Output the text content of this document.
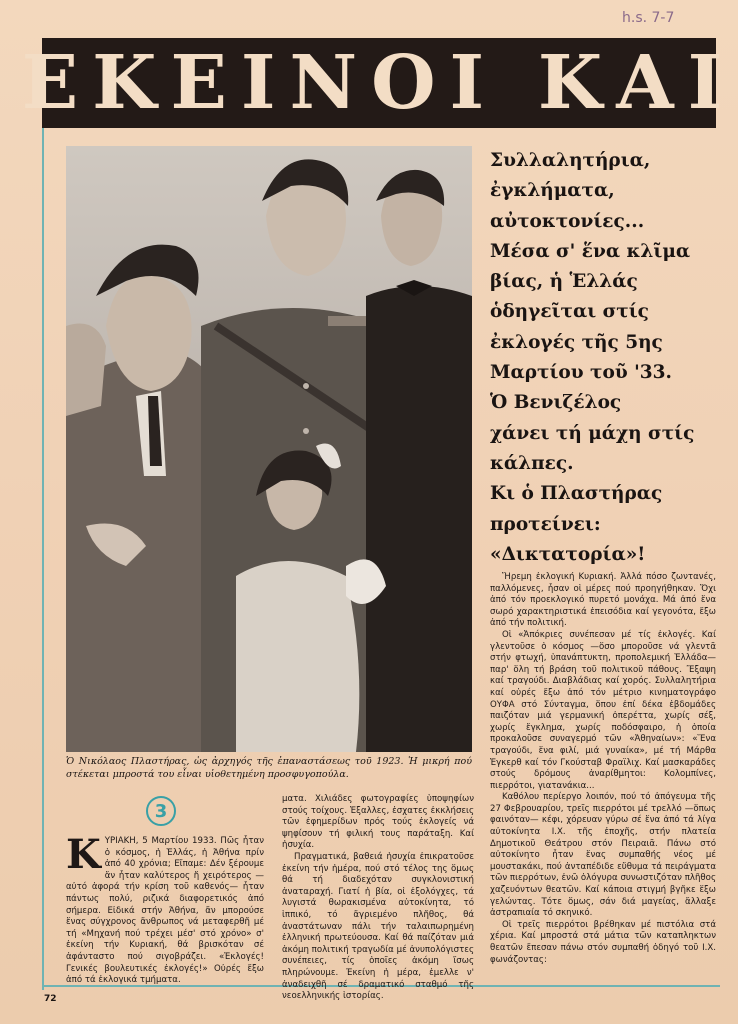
h.s. 7-7
ΕΚΕΙΝΟΙ ΚΑΙ
Ὁ Νικόλαος Πλαστήρας, ὡς ἀρχηγός τῆς ἐπαναστάσεως τοῦ 1923. Ἡ μικρή πού στέκεται μπροστά του εἶναι υἱοθετημένη προσφυγοπούλα.
Συλλαλητήρια,
ἐγκλήματα,
αὐτοκτονίες...
Μέσα σ' ἕνα κλῖμα
βίας, ἡ Ἑλλάς
ὁδηγεῖται στίς
ἐκλογές τῆς 5ης
Μαρτίου τοῦ '33.
Ὁ Βενιζέλος
χάνει τή μάχη στίς
κάλπες.
Κι ὁ Πλαστήρας
προτείνει:
«Δικτατορία»!

Ἤρεμη ἐκλογική Κυριακή. Ἀλλά πόσο ζωντανές, παλλόμενες, ἦσαν οἱ μέρες πού προηγήθηκαν. Ὄχι ἀπό τόν προεκλογικό πυρετό μονάχα. Μά ἀπό ἕνα σωρό χαρακτηριστικά ἐπεισόδια καί γεγονότα, ἔξω ἀπό τήν πολιτική.

Οἱ «Ἀπόκριες συνέπεσαν μέ τίς ἐκλογές. Καί γλεντοῦσε ὁ κόσμος —ὅσο μποροῦσε νά γλεντᾶ στήν φτωχή, ὑπανάπτυκτη, προπολεμική Ἑλλάδα— παρ' ὅλη τή βράση τοῦ πολιτικοῦ πάθους. Ἔξαψη καί τραγούδι. Διαβλάδιας καί χορός. Συλλαλητήρια καί οὐρές ἔξω ἀπό τόν μέτριο κινηματογράφο ΟΥΦΑ στό Σύνταγμα, ὅπου ἐπί δέκα ἑβδομάδες παιζόταν μιά γερμανική ὀπερέττα, χωρίς σέξ, χωρίς ἔγκλημα, χωρίς ποδόσφαιρο, ἡ ὁποία προκαλοῦσε συναγερμό τῶν «Ἀθηναίων»: «Ἕνα τραγούδι, ἕνα φιλί, μιά γυναίκα», μέ τή Μάρθα Ἐγκερθ καί τόν Γκούσταβ Φραϊλιχ. Καί μασκαράδες στούς δρόμους ἀναρίθμητοι: Κολομπίνες, πιερρότοι, γιατανάκια...

Καθόλου περίεργο λοιπόν, πού τό ἀπόγευμα τῆς 27 Φεβρουαρίου, τρεῖς πιερρότοι μέ τρελλό —ὅπως φαινόταν— κέφι, χόρευαν γύρω σέ ἕνα ἀπό τά λίγα αὐτοκίνητα Ι.Χ. τῆς ἐποχῆς, στήν πλατεία Δημοτικοῦ Θεάτρου στόν Πειραιᾶ. Πάνω στό αὐτοκίνητο ἦταν ἕνας συμπαθής νέος μέ μουστακάκι, πού ἀνταπέδιδε εὔθυμα τά πειράγματα τῶν πιερρότων, ἐνῶ ὀλόγυρα συνωστιζόταν πλῆθος χαζευόντων θεατῶν. Καί κάποια στιγμή βγῆκε ἕξω γελώντας. Τότε ὅμως, σάν διά μαγείας, ἄλλαξε ἀστραπιαία τό σκηνικό.

Οἱ τρεῖς πιερρότοι βρέθηκαν μέ πιστόλια στά χέρια. Καί μπροστά στά μάτια τῶν καταπληκτων θεατῶν ἔπεσαν πάνω στόν συμπαθή ὁδηγό τοῦ Ι.Χ. φωνάζοντας:

3
Κ ΥΡΙΑΚΗ, 5 Μαρτίου 1933. Πῶς ἦταν ὁ κόσμος, ἡ Ἑλλάς, ἡ Ἀθήνα πρίν ἀπό 40 χρόνια; Εἴπαμε: Δέν ξέρουμε ἄν ἦταν καλύτερος ἤ χειρότερος —αὐτό ἀφορά τήν κρίση τοῦ καθενός— ἦταν πάντως πολύ, ριζικά διαφορετικός ἀπό σήμερα. Εἰδικά στήν Ἀθήνα, ἄν μπορούσε ἕνας σύγχρονος ἄνθρωπος νά μεταφερθῆ μέ τή «Μηχανή πού τρέχει μέσ' στό χρόνο» σ' ἐκείνη τήν Κυριακή, θά βρισκόταν σέ ἀφάνταστο πού σιγοβράζει. «Ἐκλογές! Γενικές βουλευτικές ἐκλογές!» Οὐρές ἔξω ἀπό τά ἐκλογικά τμήματα.

ματα. Χιλιάδες φωτογραφίες ὑποψηφίων στούς τοίχους. Ἐξαλλες, ἐσχατες ἐκκλήσεις τῶν ἐφημερίδων πρός τούς ἐκλογείς νά ψηφίσουν τή φιλική τους παράταξη. Καί ἡσυχία.

Πραγματικά, βαθειά ἡσυχία ἐπικρατοῦσε ἐκείνη τήν ἡμέρα, πού στό τέλος της ὅμως θά τή διαδεχόταν συγκλονιστική ἀναταραχή. Γιατί ἡ βία, οἱ ἐξολόγχες, τά λυγιστά θωρακισμένα αὐτοκίνητα, τό ἱππικό, τό ἄγριεμένο πλῆθος, θά ἀναστάτωναν πάλι τήν ταλαιπωρημένη ἑλληνική πρωτεύουσα. Καί θά παίζόταν μιά ἀκόμη πολιτική τραγωδία μέ ἀνυπολόγιστες συνέπειες, τίς ὁποῖες ἀκόμη ἴσως πληρώνουμε. Ἐκείνη ἡ μέρα, ἐμελλε ν' ἀναδειχθῆ σέ δραματικό σταθμό τῆς νεοελληνικής ἱστορίας.

72
